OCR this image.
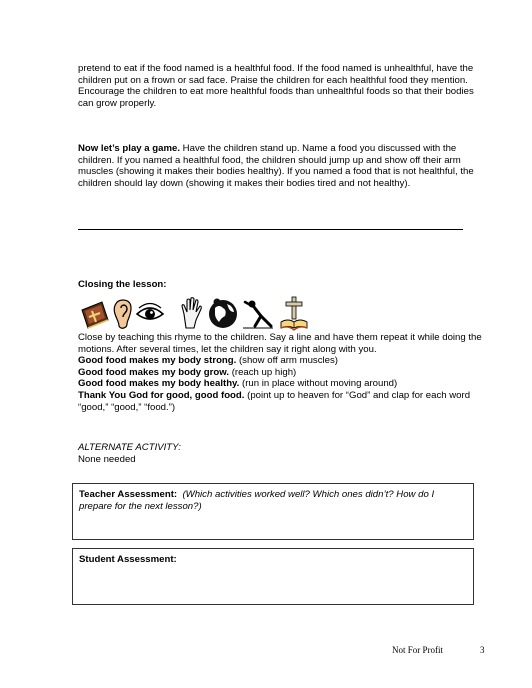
pretend to eat if the food named is a healthful food. If the food named is unhealthful, have the children put on a frown or sad face. Praise the children for each healthful food they mention. Encourage the children to eat more healthful foods than unhealthful foods so that their bodies can grow properly.
Now let’s play a game. Have the children stand up. Name a food you discussed with the children. If you named a healthful food, the children should jump up and show off their arm muscles (showing it makes their bodies healthy). If you named a food that is not healthful, the children should lay down (showing it makes their bodies tired and not healthy).
Closing the lesson:
Close by teaching this rhyme to the children. Say a line and have them repeat it while doing the motions. After several times, let the children say it right along with you.
Good food makes my body strong. (show off arm muscles)
Good food makes my body grow. (reach up high)
Good food makes my body healthy. (run in place without moving around)
Thank You God for good, good food. (point up to heaven for “God” and clap for each word “good,” “good,” “food.”)
ALTERNATE ACTIVITY:
None needed
Teacher Assessment: (Which activities worked well? Which ones didn’t? How do I prepare for the next lesson?)
Student Assessment:
Not For Profit	3
